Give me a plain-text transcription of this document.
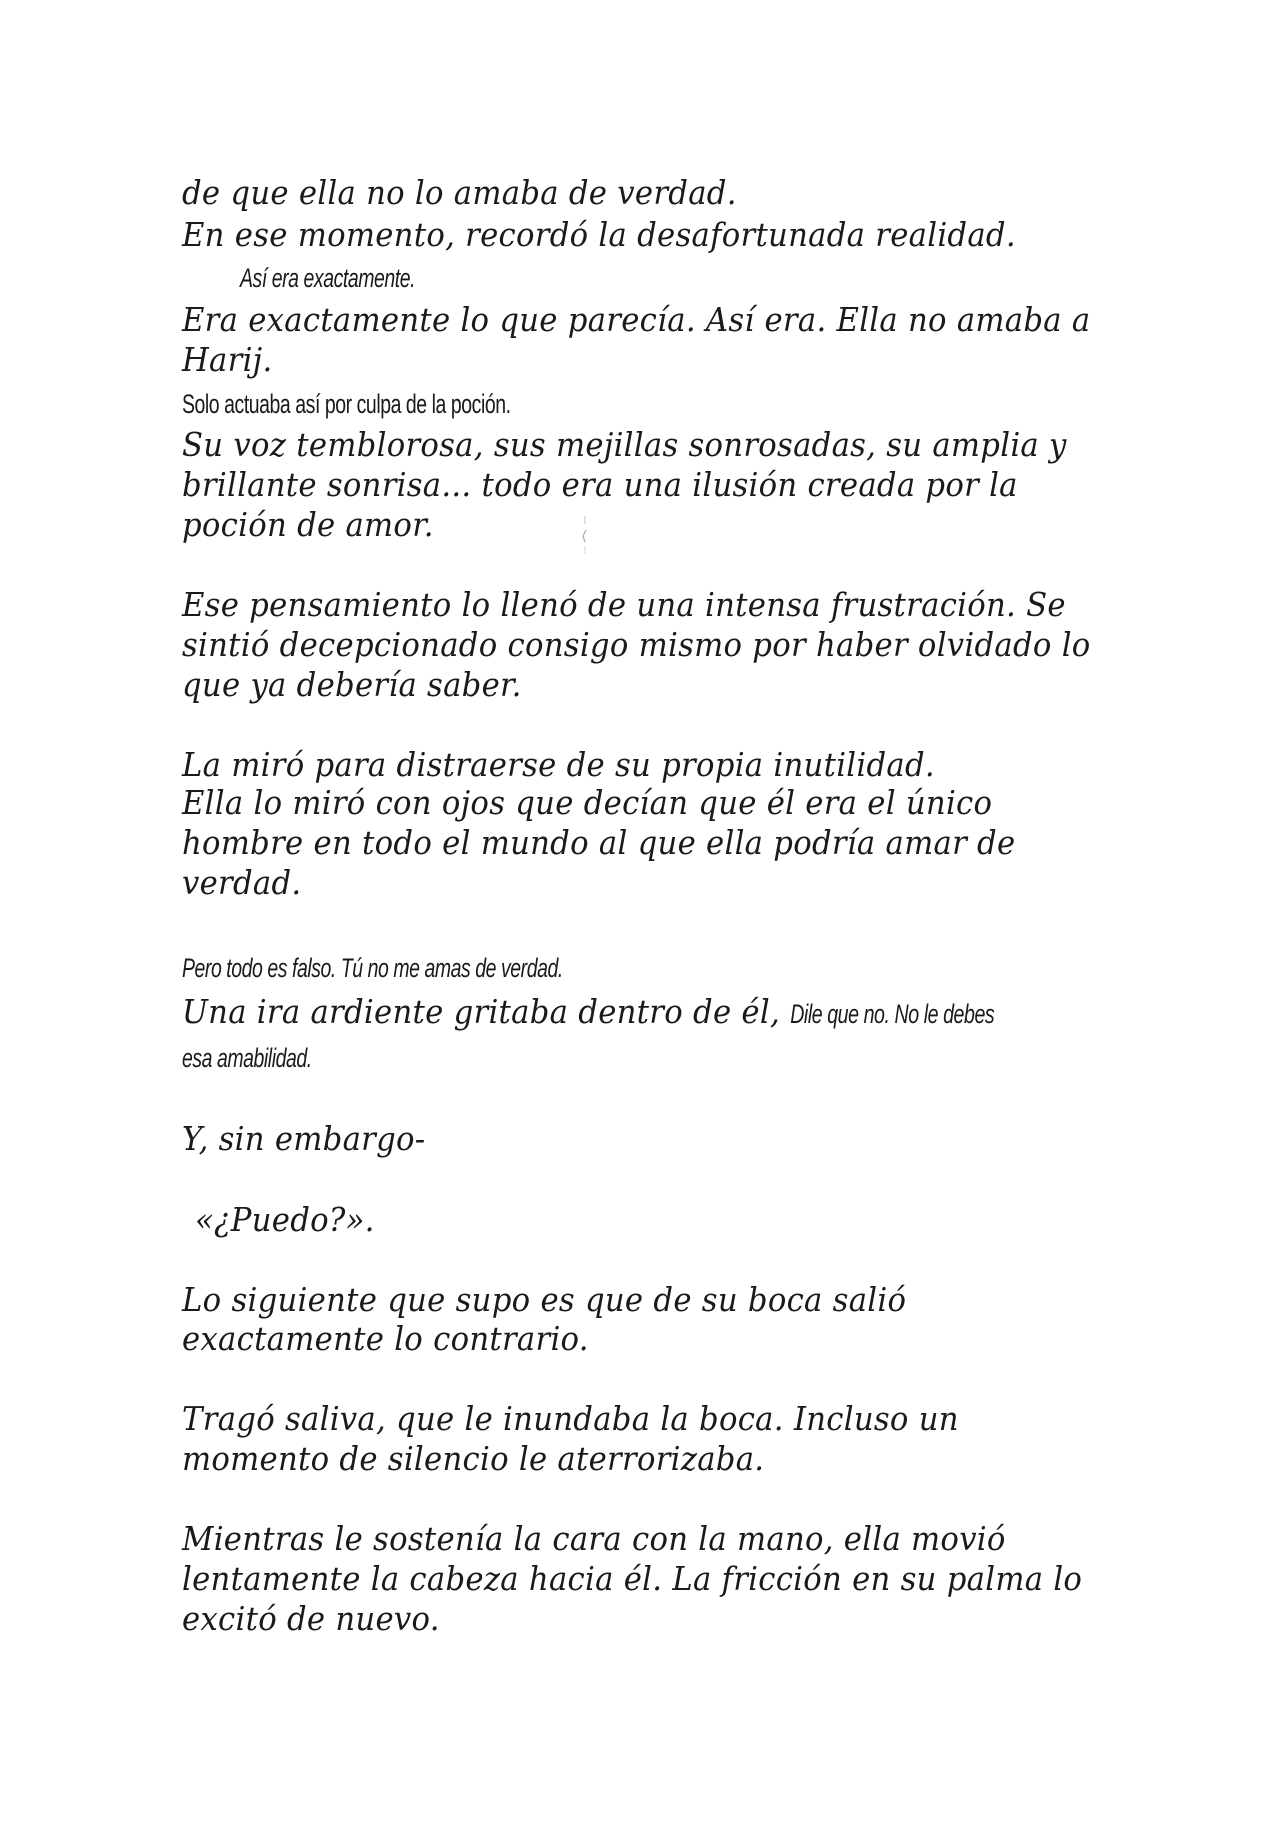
de que ella no lo amaba de verdad.
En ese momento, recordó la desafortunada realidad.
Así era exactamente.
Era exactamente lo que parecía. Así era. Ella no amaba a
Harij.
Solo actuaba así por culpa de la poción.
Su voz temblorosa, sus mejillas sonrosadas, su amplia y
brillante sonrisa... todo era una ilusión creada por la
poción de amor.
Ese pensamiento lo llenó de una intensa frustración. Se
sintió decepcionado consigo mismo por haber olvidado lo
que ya debería saber.
La miró para distraerse de su propia inutilidad.
Ella lo miró con ojos que decían que él era el único
hombre en todo el mundo al que ella podría amar de
verdad.
Pero todo es falso. Tú no me amas de verdad.
Una ira ardiente gritaba dentro de él, Dile que no. No le debes
esa amabilidad.
Y, sin embargo-
«¿Puedo?».
Lo siguiente que supo es que de su boca salió
exactamente lo contrario.
Tragó saliva, que le inundaba la boca. Incluso un
momento de silencio le aterrorizaba.
Mientras le sostenía la cara con la mano, ella movió
lentamente la cabeza hacia él. La fricción en su palma lo
excitó de nuevo.
